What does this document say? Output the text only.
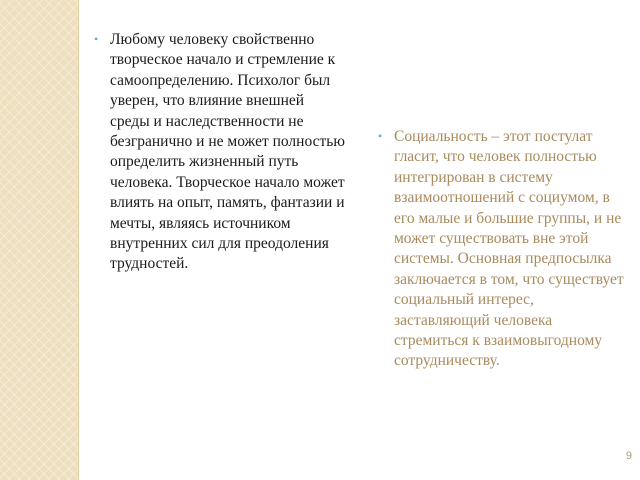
• Любому человеку свойственно творческое начало и стремление к самоопределению. Психолог был уверен, что влияние внешней среды и наследственности не безгранично и не может полностью определить жизненный путь человека. Творческое начало может влиять на опыт, память, фантазии и мечты, являясь источником внутренних сил для преодоления трудностей.

• Социальность – этот постулат гласит, что человек полностью интегрирован в систему взаимоотношений с социумом, в его малые и большие группы, и не может существовать вне этой системы. Основная предпосылка заключается в том, что существует социальный интерес, заставляющий человека стремиться к взаимовыгодному сотрудничеству.

9
